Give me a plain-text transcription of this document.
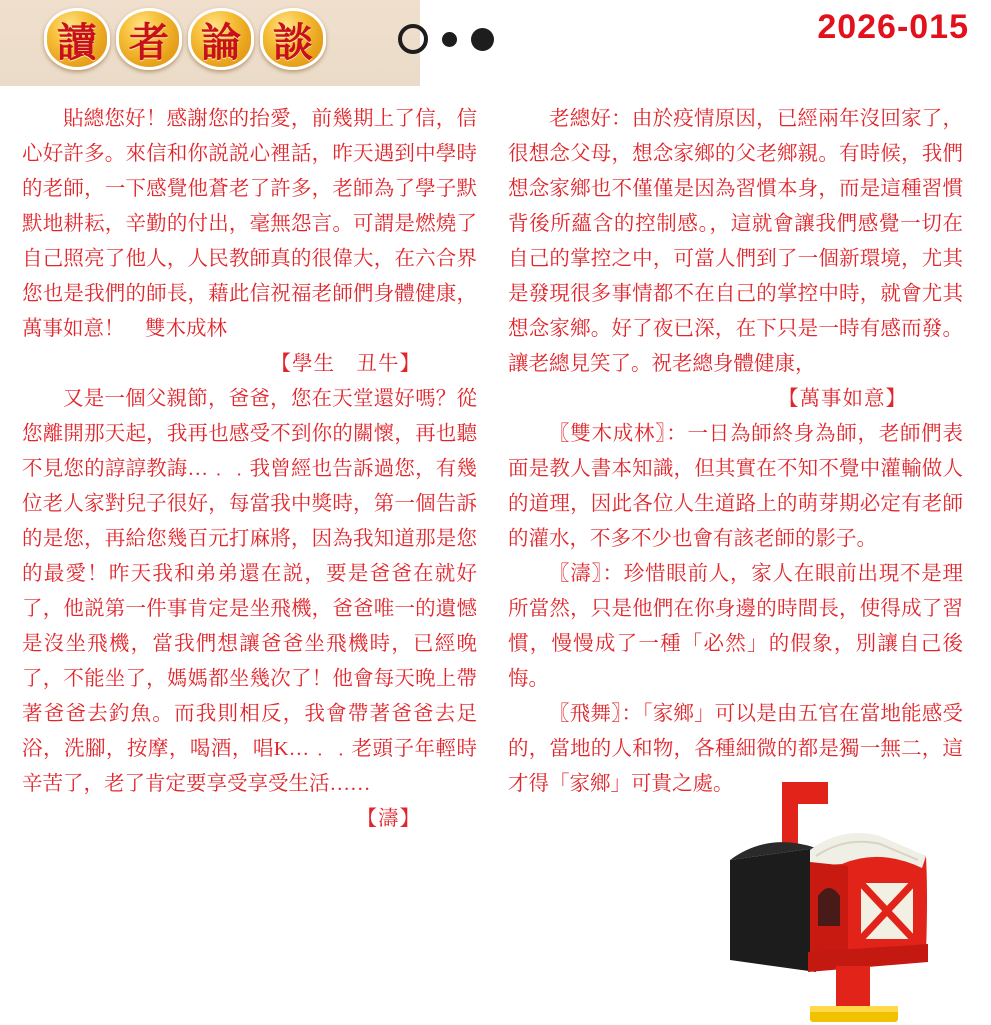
讀 者 論 談	2026-015

貼總您好！感謝您的抬愛，前幾期上了信，信心好許多。來信和你説説心裡話，昨天遇到中學時的老師，一下感覺他蒼老了許多，老師為了學子默默地耕耘，辛勤的付出，毫無怨言。可謂是燃燒了自己照亮了他人，人民教師真的很偉大，在六合界您也是我們的師長，藉此信祝福老師們身體健康，萬事如意！　雙木成林

【學生　丑牛】

又是一個父親節，爸爸，您在天堂還好嗎？從您離開那天起，我再也感受不到你的關懷，再也聽不見您的諄諄教誨…﹒﹒我曾經也告訴過您，有幾位老人家對兒子很好，每當我中獎時，第一個告訴的是您，再給您幾百元打麻將，因為我知道那是您的最愛！昨天我和弟弟還在説，要是爸爸在就好了，他説第一件事肯定是坐飛機，爸爸唯一的遺憾是沒坐飛機，當我們想讓爸爸坐飛機時，已經晚了，不能坐了，媽媽都坐幾次了！他會每天晚上帶著爸爸去釣魚。而我則相反，我會帶著爸爸去足浴，洗腳，按摩，喝酒，唱K…﹒﹒老頭子年輕時辛苦了，老了肯定要享受享受生活……

【濤】

老總好：由於疫情原因，已經兩年沒回家了，很想念父母，想念家鄉的父老鄉親。有時候，我們想念家鄉也不僅僅是因為習慣本身，而是這種習慣背後所蘊含的控制感。，這就會讓我們感覺一切在自己的掌控之中，可當人們到了一個新環境，尤其是發現很多事情都不在自己的掌控中時，就會尤其想念家鄉。好了夜已深，在下只是一時有感而發。讓老總見笑了。祝老總身體健康，

【萬事如意】

〖雙木成林〗：一日為師終身為師，老師們表面是教人書本知識，但其實在不知不覺中灌輸做人的道理，因此各位人生道路上的萌芽期必定有老師的灌水，不多不少也會有該老師的影子。

〖濤〗：珍惜眼前人，家人在眼前出現不是理所當然，只是他們在你身邊的時間長，使得成了習慣，慢慢成了一種「必然」的假象，別讓自己後悔。

〖飛舞〗：「家鄉」可以是由五官在當地能感受的，當地的人和物，各種細微的都是獨一無二，這才得「家鄉」可貴之處。
